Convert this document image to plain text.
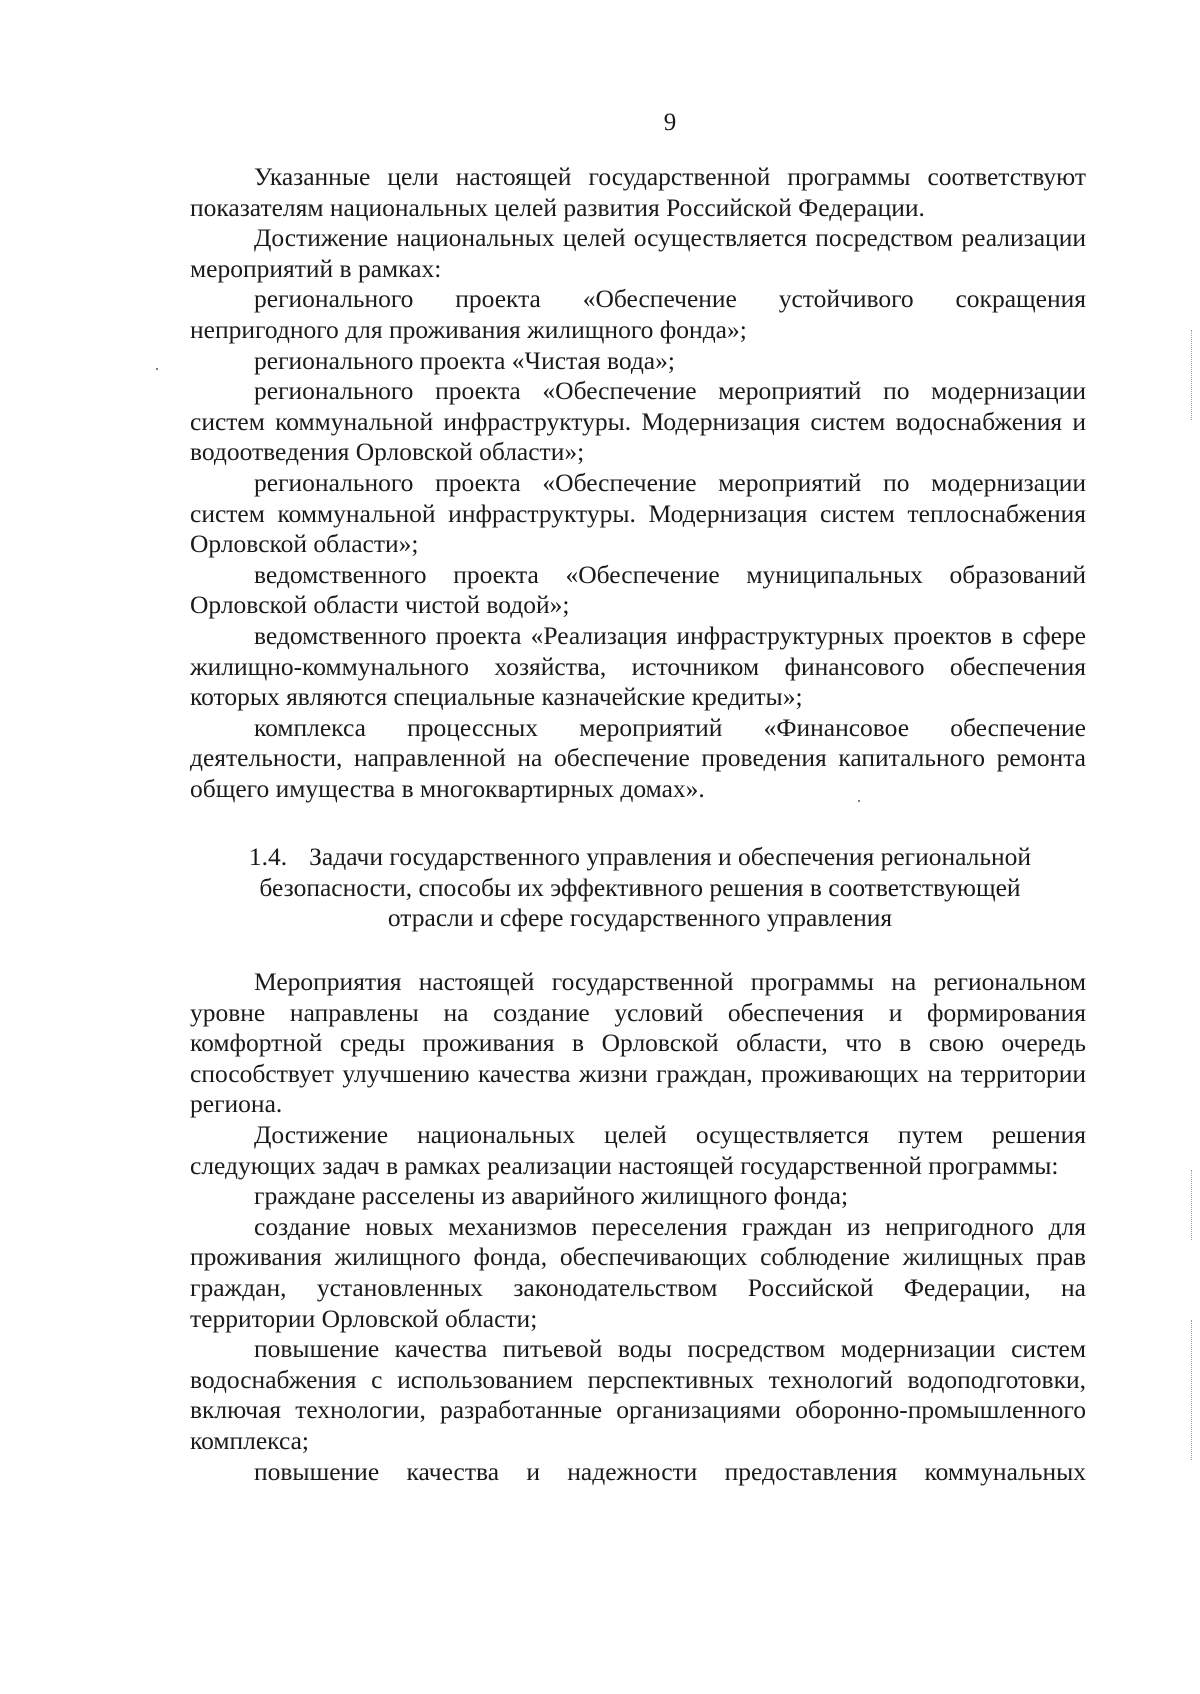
9

Указанные цели настоящей государственной программы соответствуют показателям национальных целей развития Российской Федерации.

Достижение национальных целей осуществляется посредством реализации мероприятий в рамках:

регионального проекта «Обеспечение устойчивого сокращения непригодного для проживания жилищного фонда»;

регионального проекта «Чистая вода»;

регионального проекта «Обеспечение мероприятий по модернизации систем коммунальной инфраструктуры. Модернизация систем водоснабжения и водоотведения Орловской области»;

регионального проекта «Обеспечение мероприятий по модернизации систем коммунальной инфраструктуры. Модернизация систем теплоснабжения Орловской области»;

ведомственного проекта «Обеспечение муниципальных образований Орловской области чистой водой»;

ведомственного проекта «Реализация инфраструктурных проектов в сфере жилищно-коммунального хозяйства, источником финансового обеспечения которых являются специальные казначейские кредиты»;

комплекса процессных мероприятий «Финансовое обеспечение деятельности, направленной на обеспечение проведения капитального ремонта общего имущества в многоквартирных домах».

1.4. Задачи государственного управления и обеспечения региональной
безопасности, способы их эффективного решения в соответствующей
отрасли и сфере государственного управления

Мероприятия настоящей государственной программы на региональном уровне направлены на создание условий обеспечения и формирования комфортной среды проживания в Орловской области, что в свою очередь способствует улучшению качества жизни граждан, проживающих на территории региона.

Достижение национальных целей осуществляется путем решения следующих задач в рамках реализации настоящей государственной программы:

граждане расселены из аварийного жилищного фонда;

создание новых механизмов переселения граждан из непригодного для проживания жилищного фонда, обеспечивающих соблюдение жилищных прав граждан, установленных законодательством Российской Федерации, на территории Орловской области;

повышение качества питьевой воды посредством модернизации систем водоснабжения с использованием перспективных технологий водоподготовки, включая технологии, разработанные организациями оборонно-промышленного комплекса;

повышение качества и надежности предоставления коммунальных
